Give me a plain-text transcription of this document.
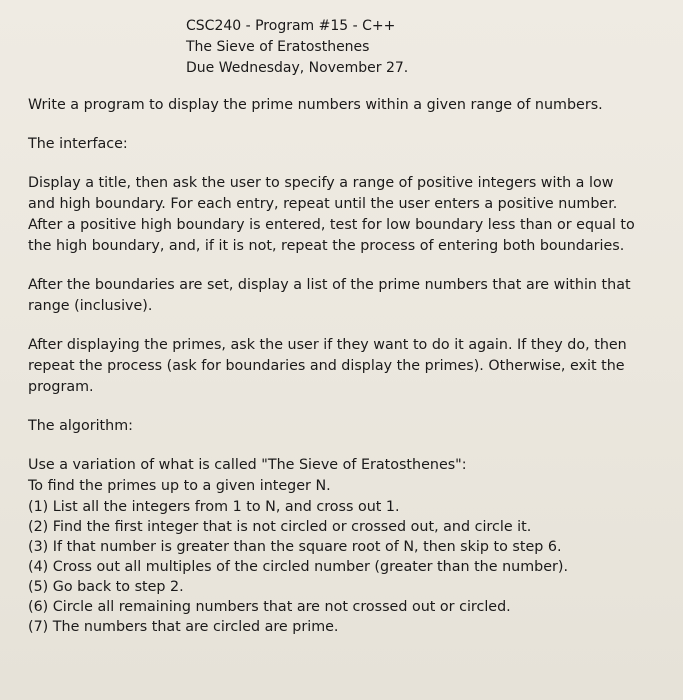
CSC240 - Program #15 - C++
The Sieve of Eratosthenes
Due Wednesday, November 27.

Write a program to display the prime numbers within a given range of numbers.

The interface:

Display a title, then ask the user to specify a range of positive integers with a low

and high boundary. For each entry, repeat until the user enters a positive number.

After a positive high boundary is entered, test for low boundary less than or equal to

the high boundary, and, if it is not, repeat the process of entering both boundaries.

After the boundaries are set, display a list of the prime numbers that are within that

range (inclusive).

After displaying the primes, ask the user if they want to do it again. If they do, then

repeat the process (ask for boundaries and display the primes). Otherwise, exit the

program.

The algorithm:

Use a variation of what is called "The Sieve of Eratosthenes":

To find the primes up to a given integer N.

(1) List all the integers from 1 to N, and cross out 1.

(2) Find the first integer that is not circled or crossed out, and circle it.

(3) If that number is greater than the square root of N, then skip to step 6.

(4) Cross out all multiples of the circled number (greater than the number).

(5) Go back to step 2.

(6) Circle all remaining numbers that are not crossed out or circled.

(7) The numbers that are circled are prime.
